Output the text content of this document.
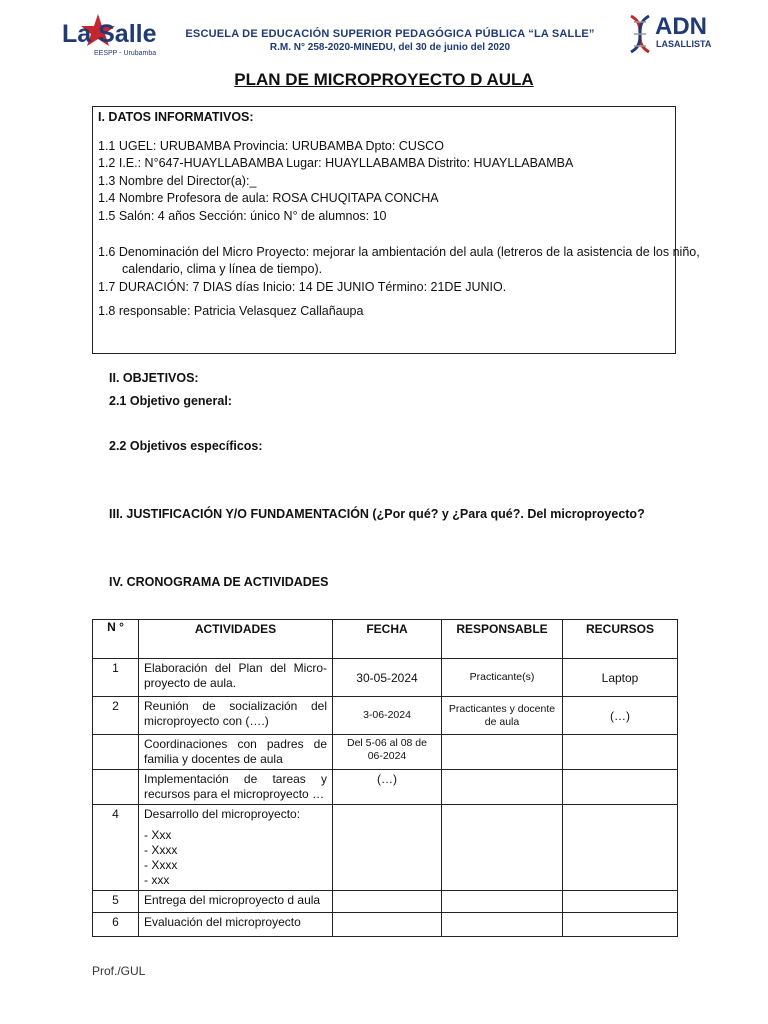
La Salle
EESPP - Urubamba
ESCUELA DE EDUCACIÓN SUPERIOR PEDAGÓGICA PÚBLICA “LA SALLE”
R.M. N° 258-2020-MINEDU, del 30 de junio del 2020
ADN
LASALLISTA
PLAN DE MICROPROYECTO D AULA
I. DATOS INFORMATIVOS:
1.1 UGEL: URUBAMBA Provincia: URUBAMBA Dpto: CUSCO
1.2 I.E.: N°647-HUAYLLABAMBA Lugar: HUAYLLABAMBA Distrito: HUAYLLABAMBA
1.3 Nombre del Director(a):_
1.4 Nombre Profesora de aula: ROSA CHUQITAPA CONCHA
1.5 Salón: 4 años Sección: único N° de alumnos: 10
1.6 Denominación del Micro Proyecto: mejorar la ambientación del aula (letreros de la asistencia de los niño,
calendario, clima y línea de tiempo).
1.7 DURACIÓN: 7 DIAS días Inicio: 14 DE JUNIO Término: 21DE JUNIO.
1.8 responsable: Patricia Velasquez Callañaupa
II. OBJETIVOS:
2.1 Objetivo general:
2.2 Objetivos específicos:
III. JUSTIFICACIÓN Y/O FUNDAMENTACIÓN (¿Por qué? y ¿Para qué?. Del microproyecto?
IV. CRONOGRAMA DE ACTIVIDADES
N °	ACTIVIDADES	FECHA	RESPONSABLE	RECURSOS
1	Elaboración del Plan del Micro-proyecto de aula.	30-05-2024	Practicante(s)	Laptop
2	Reunión de socialización del microproyecto con (….)	3-06-2024	Practicantes y docente de aula	(…)
	Coordinaciones con padres de familia y docentes de aula	Del 5-06 al 08 de 06-2024		
	Implementación de tareas y recursos para el microproyecto …	(…)		
4	Desarrollo del microproyecto:
- Xxx
- Xxxx
- Xxxx
- xxx			

5	Entrega del microproyecto d aula			
6	Evaluación del microproyecto			
Prof./GUL
